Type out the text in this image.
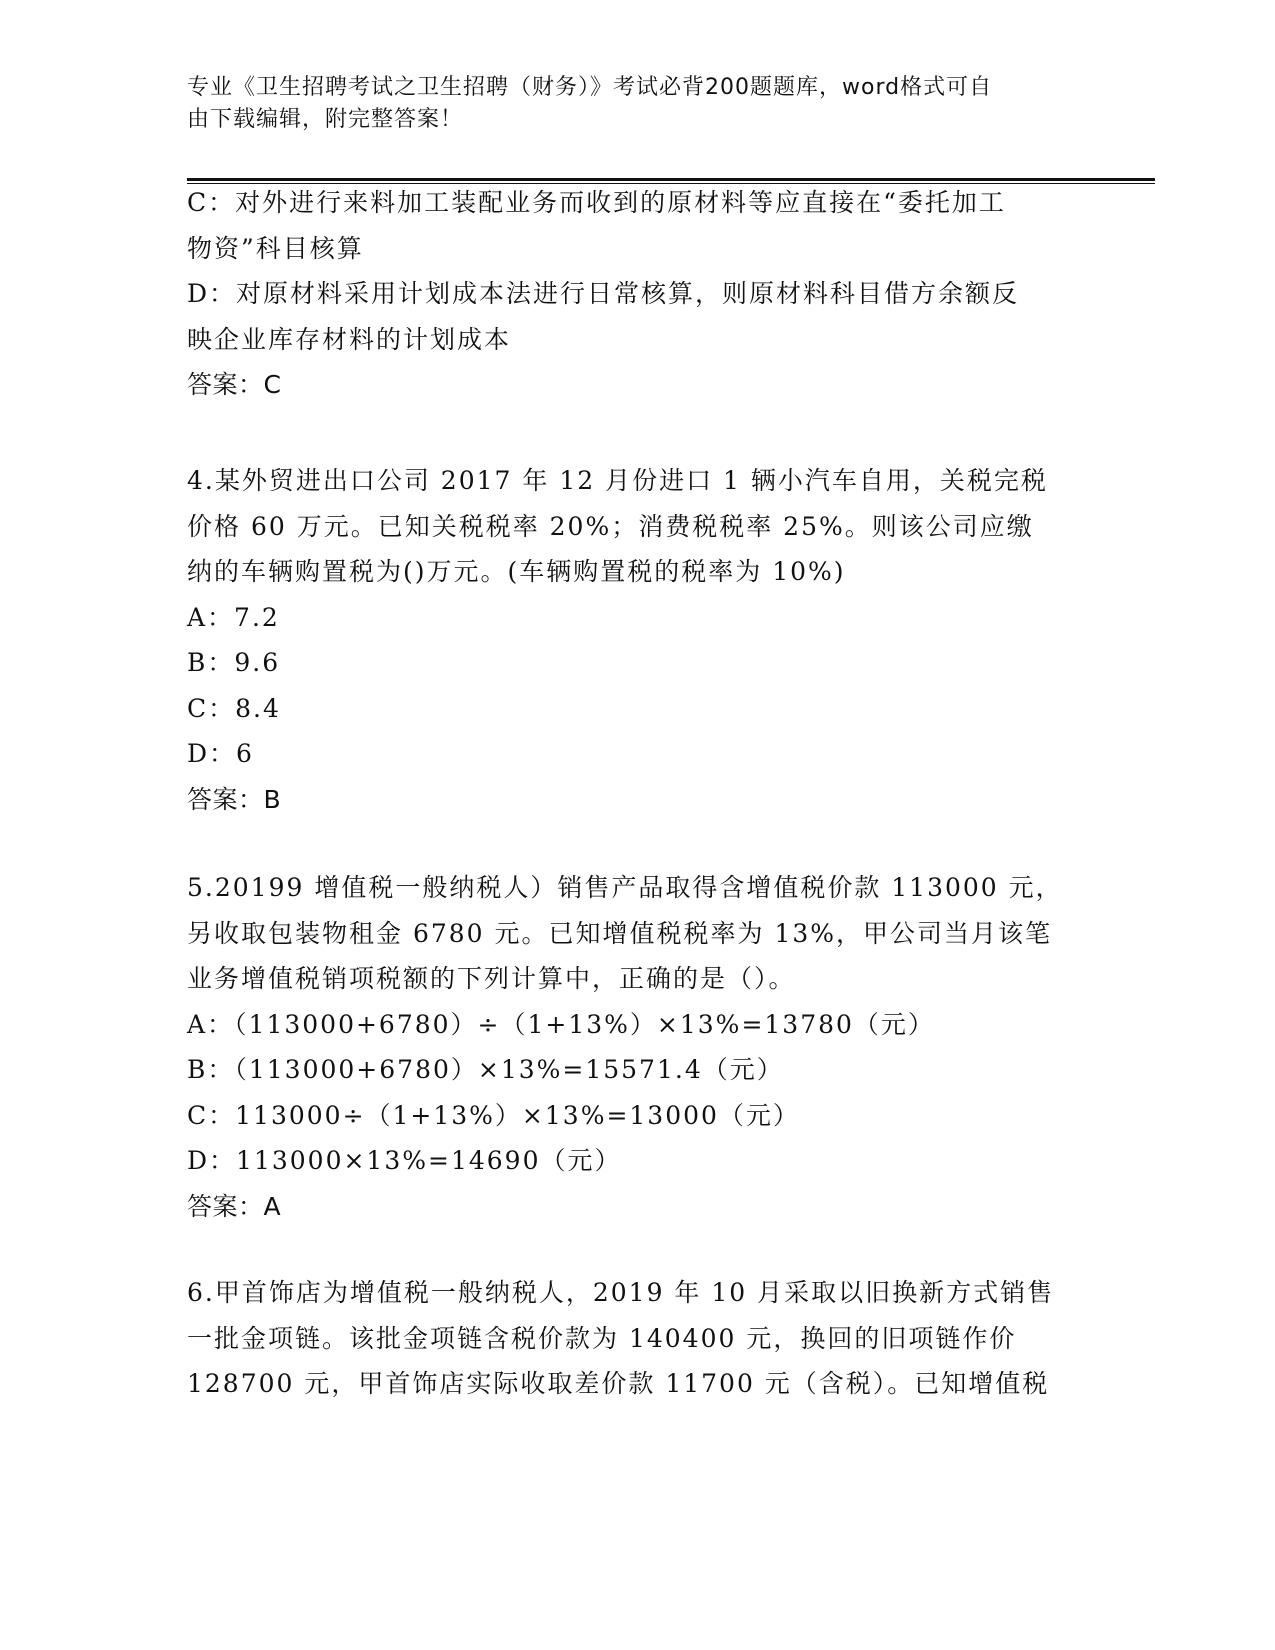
专业《卫生招聘考试之卫生招聘（财务）》考试必背200题题库，word格式可自
由下载编辑，附完整答案！
C：对外进行来料加工装配业务而收到的原材料等应直接在“委托加工
物资”科目核算
D：对原材料采用计划成本法进行日常核算，则原材料科目借方余额反
映企业库存材料的计划成本
答案：C
4.某外贸进出口公司 2017 年 12 月份进口 1 辆小汽车自用，关税完税
价格 60 万元。已知关税税率 20%；消费税税率 25%。则该公司应缴
纳的车辆购置税为()万元。(车辆购置税的税率为 10%)
A：7.2
B：9.6
C：8.4
D：6
答案：B
5.20199 增值税一般纳税人）销售产品取得含增值税价款 113000 元，
另收取包装物租金 6780 元。已知增值税税率为 13%，甲公司当月该笔
业务增值税销项税额的下列计算中，正确的是（）。
A：（113000+6780）÷（1+13%）×13%=13780（元）
B：（113000+6780）×13%=15571.4（元）
C：113000÷（1+13%）×13%=13000（元）
D：113000×13%=14690（元）
答案：A
6.甲首饰店为增值税一般纳税人，2019 年 10 月采取以旧换新方式销售
一批金项链。该批金项链含税价款为 140400 元，换回的旧项链作价
128700 元，甲首饰店实际收取差价款 11700 元（含税）。已知增值税
